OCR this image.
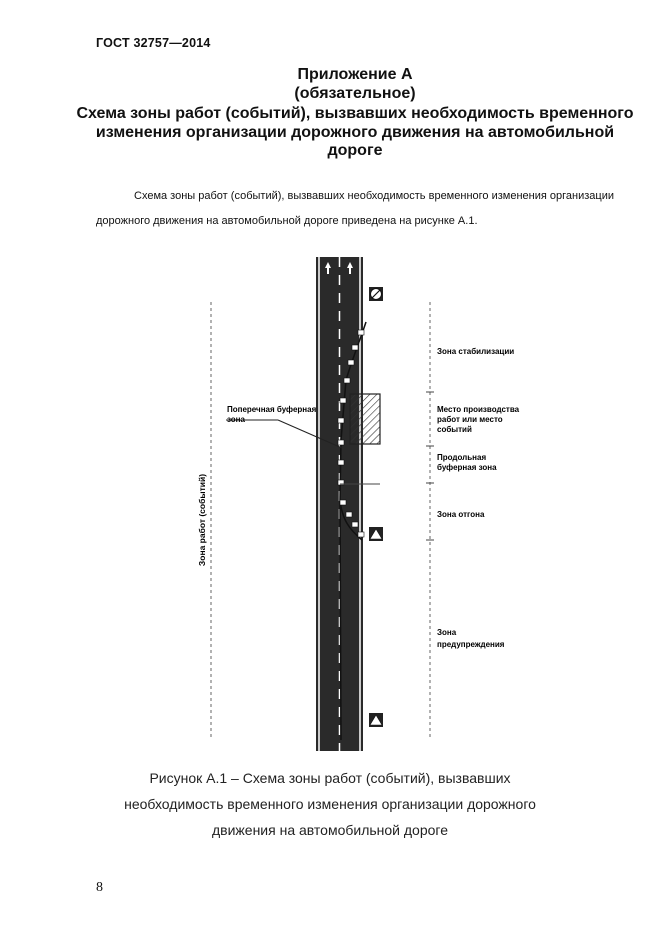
ГОСТ 32757—2014
Приложение А
(обязательное)
Схема зоны работ (событий), вызвавших необходимость временного изменения организации дорожного движения на автомобильной дороге
Схема зоны работ (событий), вызвавших необходимость временного изменения организации дорожного движения на автомобильной дороге приведена на рисунке А.1.
Зона работ (событий)
Поперечная буферная
зона
Зона стабилизации
Место производства
работ или место
событий
Продольная
буферная зона
Зона отгона
Зона
предупреждения
Рисунок А.1 – Схема зоны работ (событий), вызвавших необходимость временного изменения организации дорожного движения на автомобильной дороге
8
